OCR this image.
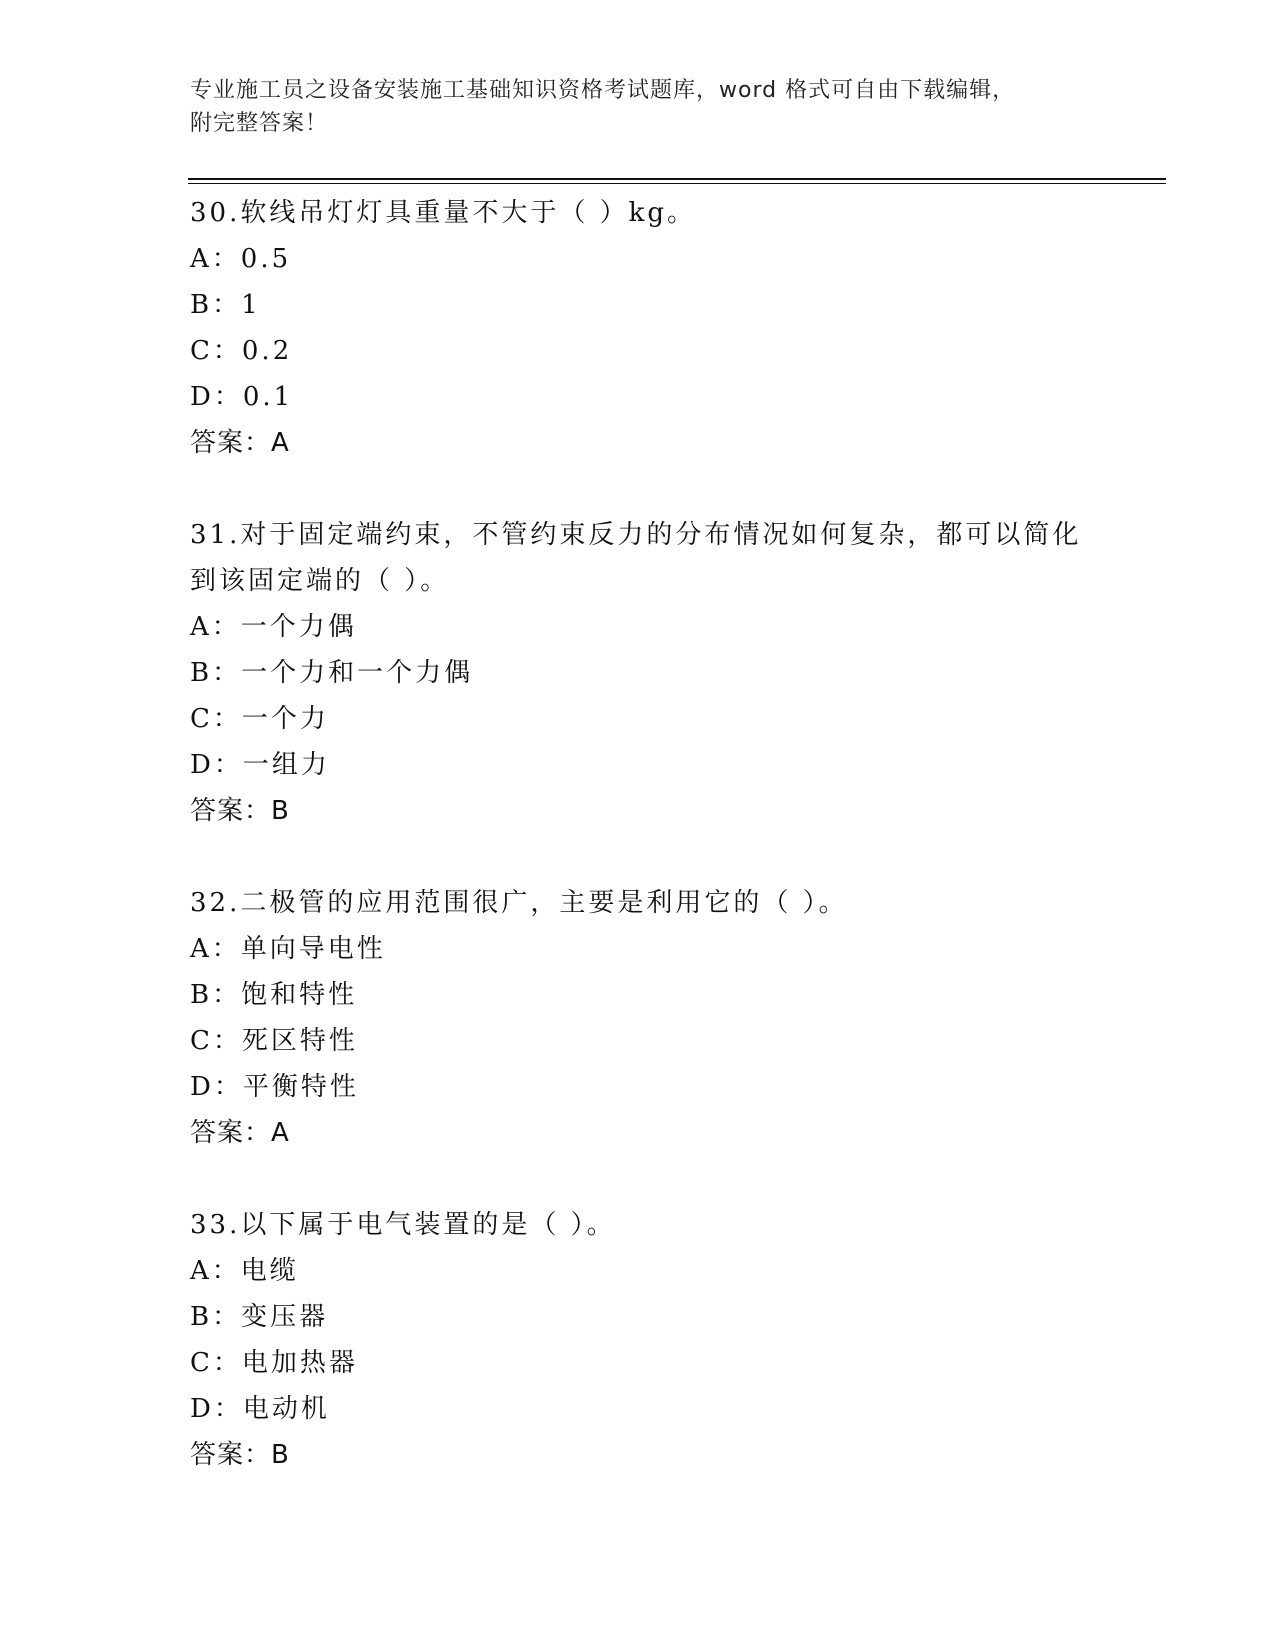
专业施工员之设备安装施工基础知识资格考试题库，word 格式可自由下载编辑，
附完整答案！
30.软线吊灯灯具重量不大于（ ）kg。
A：0.5
B：1
C：0.2
D：0.1
答案：A
31.对于固定端约束，不管约束反力的分布情况如何复杂，都可以简化到该固定端的（ ）。
A：一个力偶
B：一个力和一个力偶
C：一个力
D：一组力
答案：B
32.二极管的应用范围很广，主要是利用它的（ ）。
A：单向导电性
B：饱和特性
C：死区特性
D：平衡特性
答案：A
33.以下属于电气装置的是（ ）。
A：电缆
B：变压器
C：电加热器
D：电动机
答案：B
